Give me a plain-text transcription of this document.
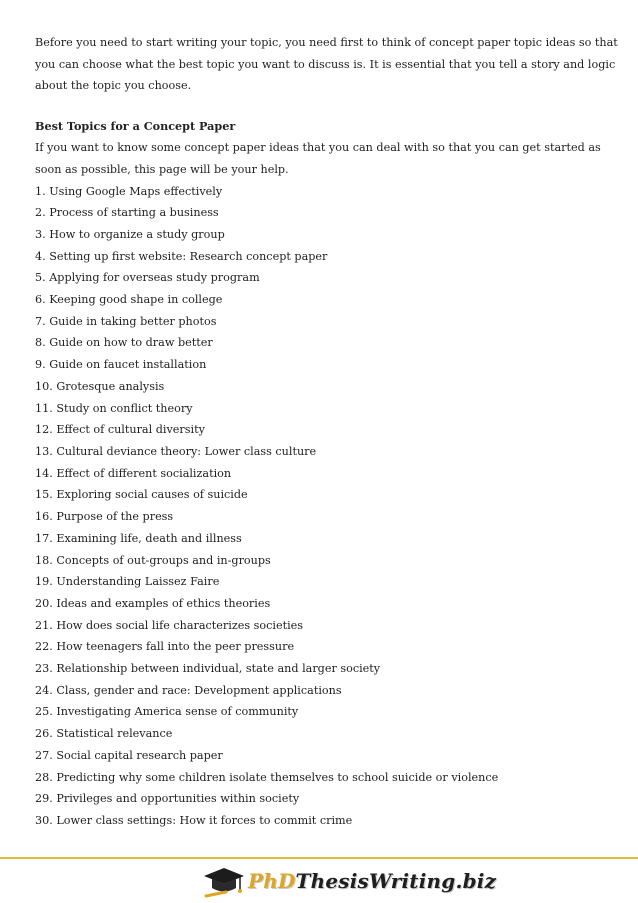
Before you need to start writing your topic, you need first to think of concept paper topic ideas so that you can choose what the best topic you want to discuss is. It is essential that you tell a story and logic about the topic you choose.

Best Topics for a Concept Paper

If you want to know some concept paper ideas that you can deal with so that you can get started as soon as possible, this page will be your help.

1. Using Google Maps effectively
2. Process of starting a business
3. How to organize a study group
4. Setting up first website: Research concept paper
5. Applying for overseas study program
6. Keeping good shape in college
7. Guide in taking better photos
8. Guide on how to draw better
9. Guide on faucet installation
10. Grotesque analysis
11. Study on conflict theory
12. Effect of cultural diversity
13. Cultural deviance theory: Lower class culture
14. Effect of different socialization
15. Exploring social causes of suicide
16. Purpose of the press
17. Examining life, death and illness
18. Concepts of out-groups and in-groups
19. Understanding Laissez Faire
20. Ideas and examples of ethics theories
21. How does social life characterizes societies
22. How teenagers fall into the peer pressure
23. Relationship between individual, state and larger society
24. Class, gender and race: Development applications
25. Investigating America sense of community
26. Statistical relevance
27. Social capital research paper
28. Predicting why some children isolate themselves to school suicide or violence
29. Privileges and opportunities within society
30. Lower class settings: How it forces to commit crime
PhDThesisWriting.biz
